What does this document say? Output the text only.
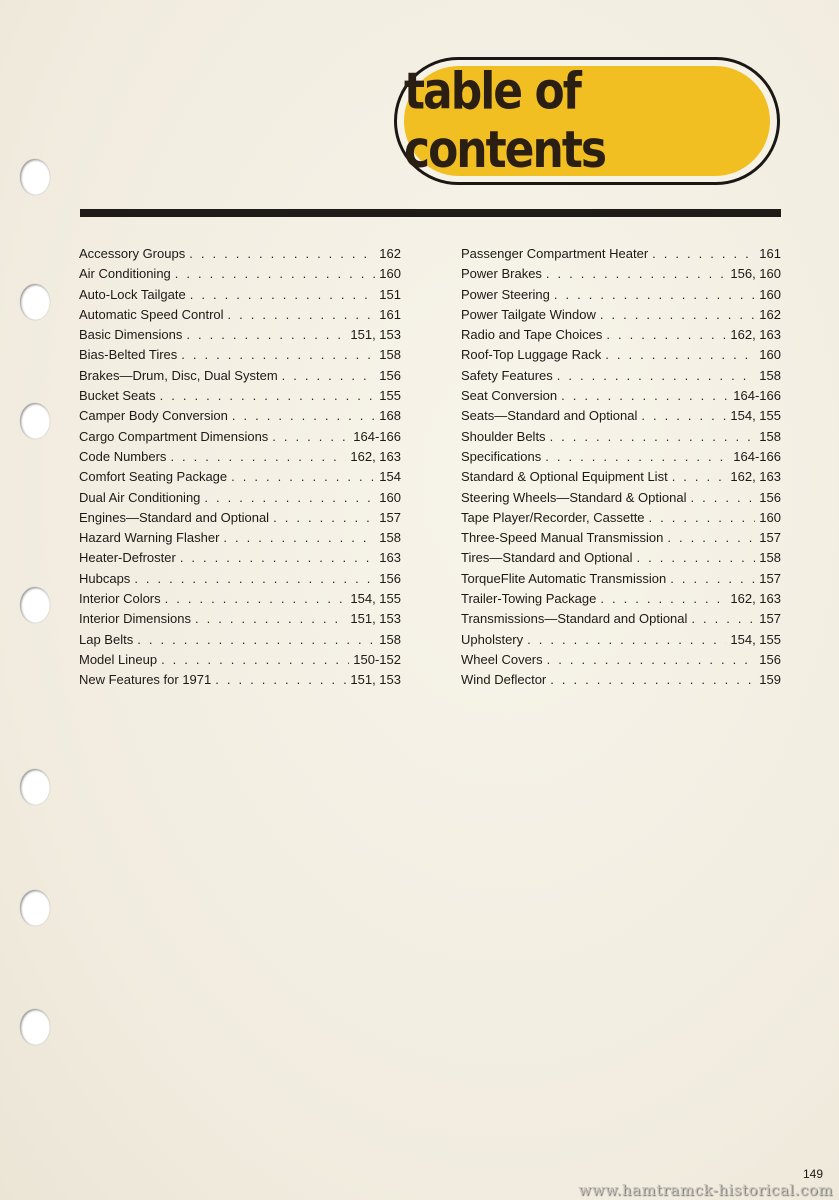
table of contents
Accessory Groups . . .	162
Air Conditioning . . .	160
Auto-Lock Tailgate . . .	151
Automatic Speed Control . . .	161
Basic Dimensions . . .	151, 153
Bias-Belted Tires . . .	158
Brakes—Drum, Disc, Dual System . . .	156
Bucket Seats . . .	155
Camper Body Conversion . . .	168
Cargo Compartment Dimensions . . .	164-166
Code Numbers . . .	162, 163
Comfort Seating Package . . .	154
Dual Air Conditioning . . .	160
Engines—Standard and Optional . . .	157
Hazard Warning Flasher . . .	158
Heater-Defroster . . .	163
Hubcaps . . .	156
Interior Colors . . .	154, 155
Interior Dimensions . . .	151, 153
Lap Belts . . .	158
Model Lineup . . .	150-152
New Features for 1971 . . .	151, 153
Passenger Compartment Heater . . .	161
Power Brakes . . .	156, 160
Power Steering . . .	160
Power Tailgate Window . . .	162
Radio and Tape Choices . . .	162, 163
Roof-Top Luggage Rack . . .	160
Safety Features . . .	158
Seat Conversion . . .	164-166
Seats—Standard and Optional . . .	154, 155
Shoulder Belts . . .	158
Specifications . . .	164-166
Standard & Optional Equipment List . . .	162, 163
Steering Wheels—Standard & Optional . . .	156
Tape Player/Recorder, Cassette . . .	160
Three-Speed Manual Transmission . . .	157
Tires—Standard and Optional . . .	158
TorqueFlite Automatic Transmission . . .	157
Trailer-Towing Package . . .	162, 163
Transmissions—Standard and Optional . . .	157
Upholstery . . .	154, 155
Wheel Covers . . .	156
Wind Deflector . . .	159
149
www.hamtramck-historical.com
